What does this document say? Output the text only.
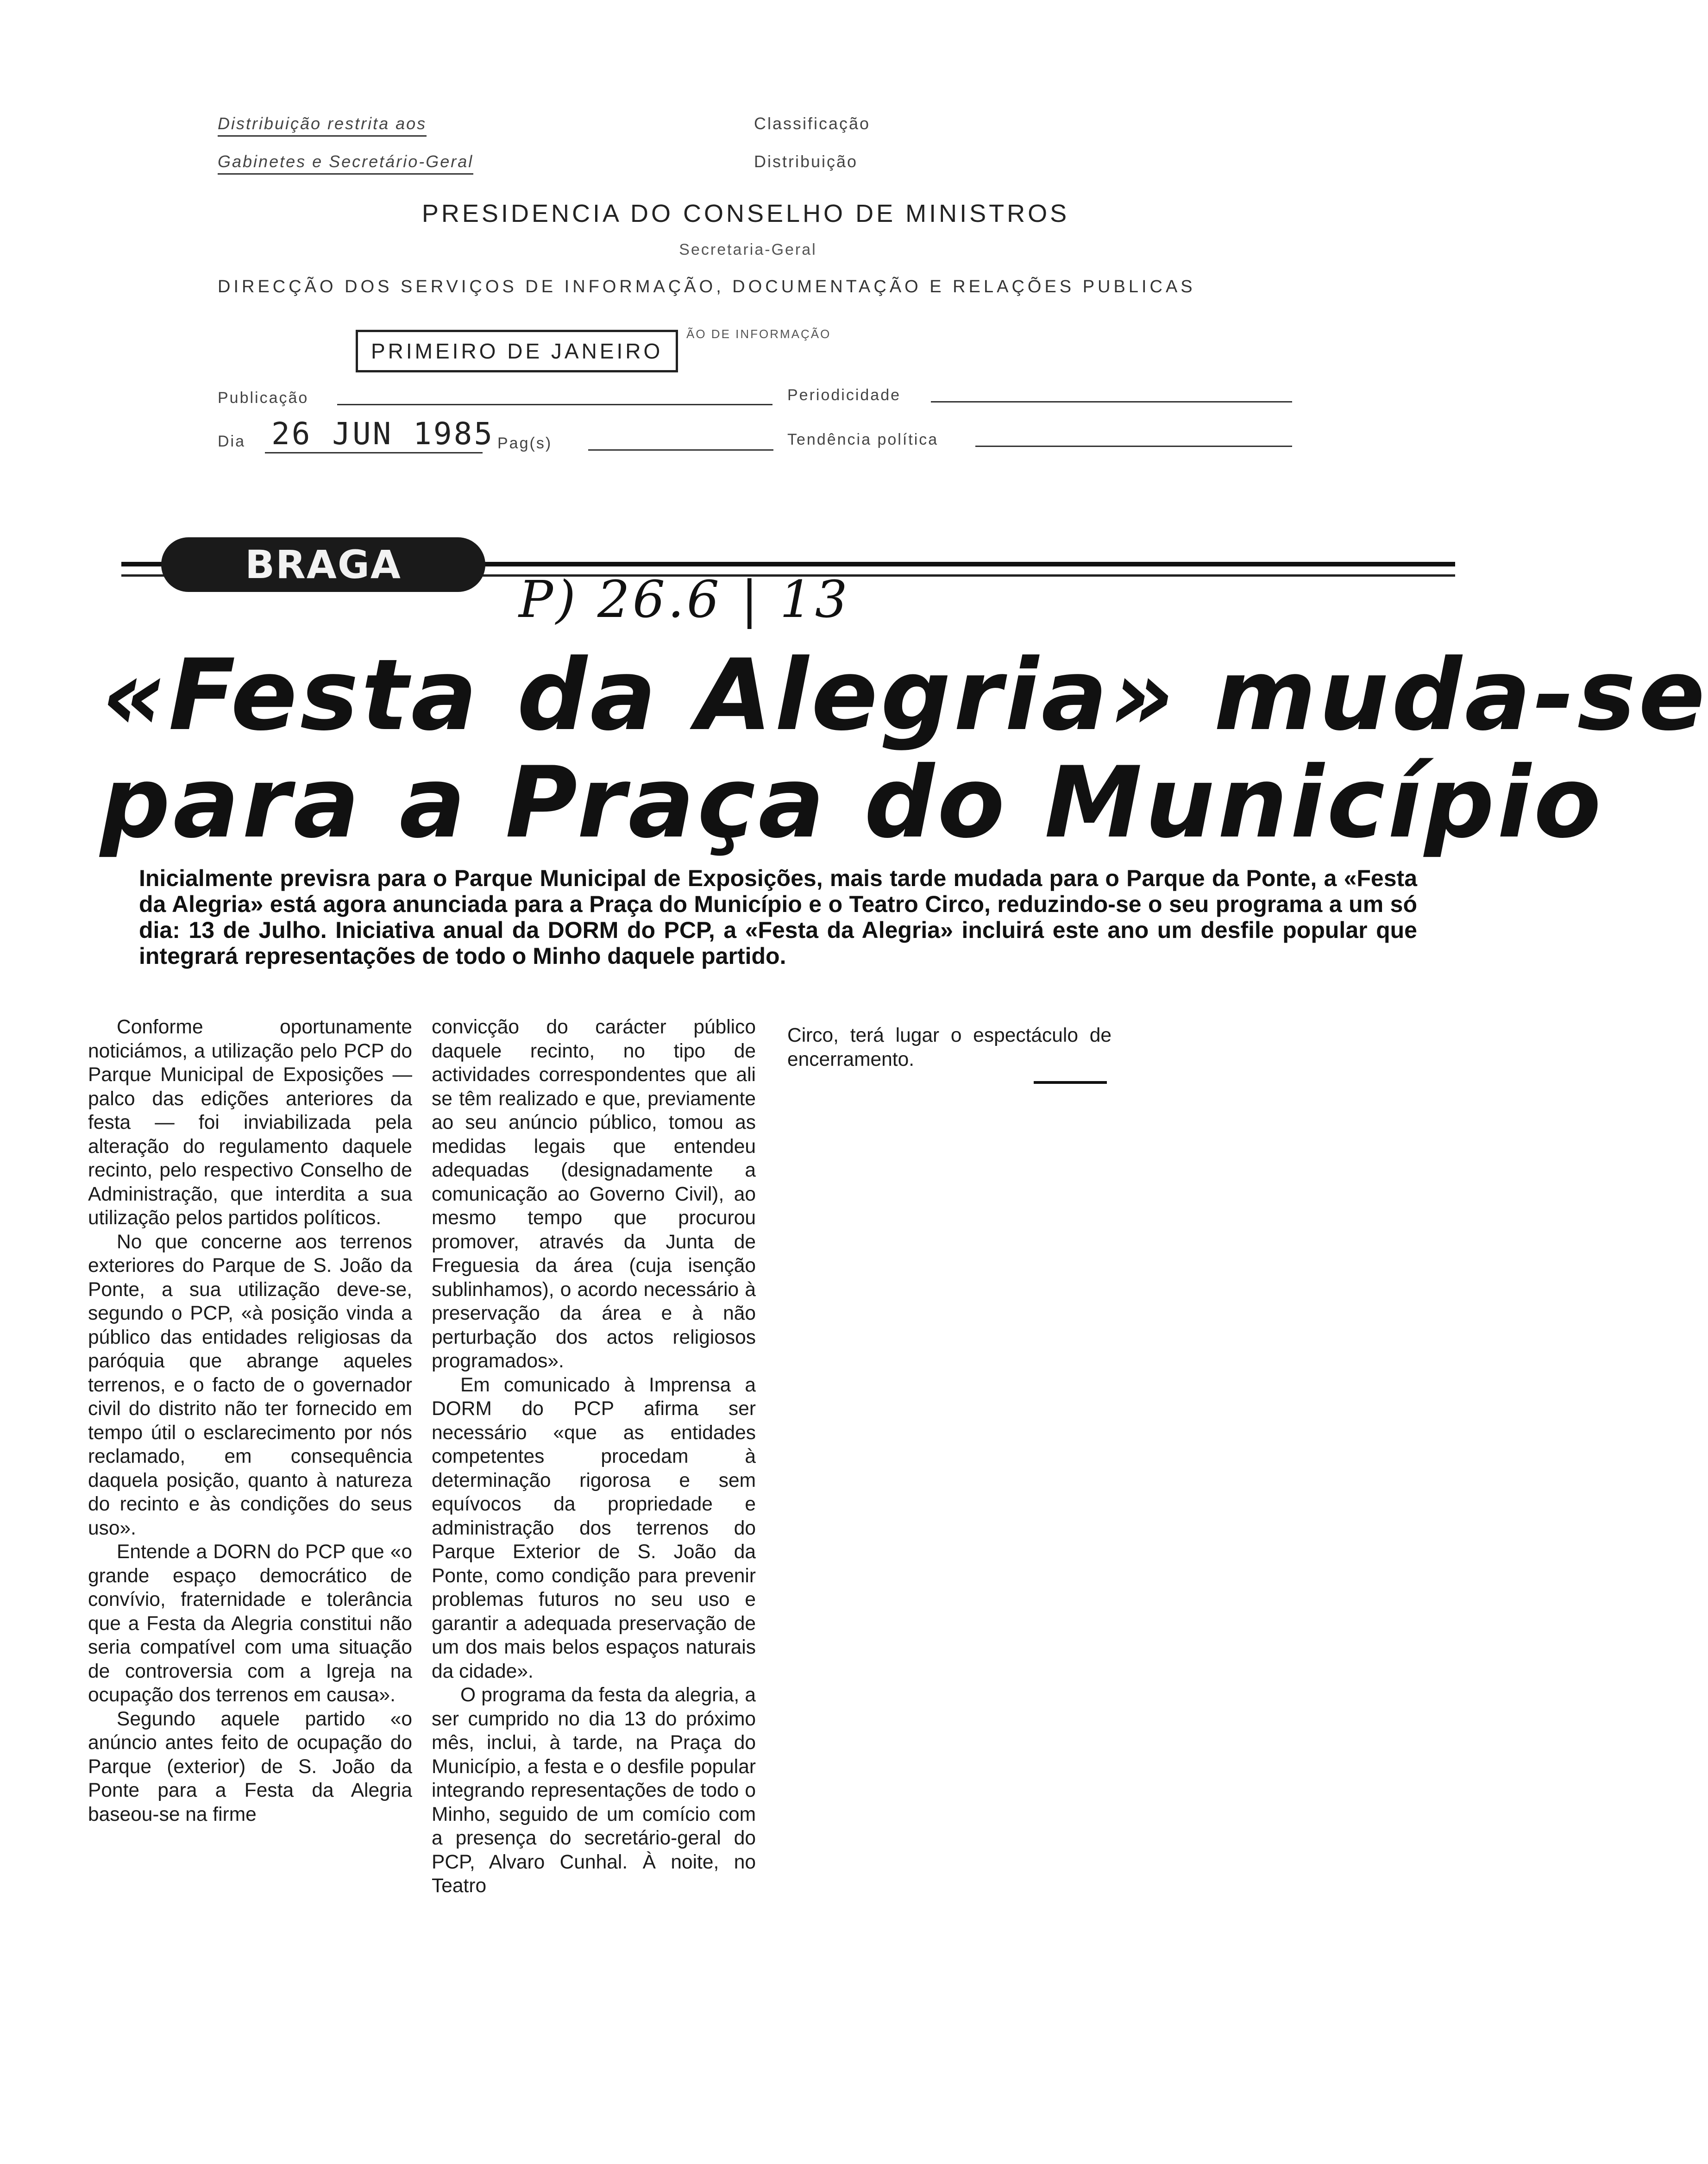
Distribuição restrita aos
Gabinetes e Secretário-Geral
Classificação
Distribuição
PRESIDENCIA DO CONSELHO DE MINISTROS
Secretaria-Geral
DIRECÇÃO DOS SERVIÇOS DE INFORMAÇÃO, DOCUMENTAÇÃO E RELAÇÕES PUBLICAS
PRIMEIRO DE JANEIRO
ÃO DE INFORMAÇÃO
Publicação	Periodicidade
Dia 26 JUN 1985 Pag(s)	Tendência política
BRAGA
P) 26.6 | 13
«Festa da Alegria» muda-se
para a Praça do Município
Inicialmente previsra para o Parque Municipal de Exposições, mais tarde mudada para o Parque da Ponte, a «Festa da Alegria» está agora anunciada para a Praça do Município e o Teatro Circo, reduzindo-se o seu programa a um só dia: 13 de Julho. Iniciativa anual da DORM do PCP, a «Festa da Alegria» incluirá este ano um desfile popular que integrará representações de todo o Minho daquele partido.

Conforme oportunamente noticiámos, a utilização pelo PCP do Parque Municipal de Exposições — palco das edições anteriores da festa — foi inviabilizada pela alteração do regulamento daquele recinto, pelo respectivo Conselho de Administração, que interdita a sua utilização pelos partidos políticos.

No que concerne aos terrenos exteriores do Parque de S. João da Ponte, a sua utilização deve-se, segundo o PCP, «à posição vinda a público das entidades religiosas da paróquia que abrange aqueles terrenos, e o facto de o governador civil do distrito não ter fornecido em tempo útil o esclarecimento por nós reclamado, em consequência daquela posição, quanto à natureza do recinto e às condições do seus uso».

Entende a DORN do PCP que «o grande espaço democrático de convívio, fraternidade e tolerância que a Festa da Alegria constitui não seria compatível com uma situação de controversia com a Igreja na ocupação dos terrenos em causa».

Segundo aquele partido «o anúncio antes feito de ocupação do Parque (exterior) de S. João da Ponte para a Festa da Alegria baseou-se na firme

convicção do carácter público daquele recinto, no tipo de actividades correspondentes que ali se têm realizado e que, previamente ao seu anúncio público, tomou as medidas legais que entendeu adequadas (designadamente a comunicação ao Governo Civil), ao mesmo tempo que procurou promover, através da Junta de Freguesia da área (cuja isenção sublinhamos), o acordo necessário à preservação da área e à não perturbação dos actos religiosos programados».

Em comunicado à Imprensa a DORM do PCP afirma ser necessário «que as entidades competentes procedam à determinação rigorosa e sem equívocos da propriedade e administração dos terrenos do Parque Exterior de S. João da Ponte, como condição para prevenir problemas futuros no seu uso e garantir a adequada preservação de um dos mais belos espaços naturais da cidade».

O programa da festa da alegria, a ser cumprido no dia 13 do próximo mês, inclui, à tarde, na Praça do Município, a festa e o desfile popular integrando representações de todo o Minho, seguido de um comício com a presença do secretário-geral do PCP, Alvaro Cunhal. À noite, no Teatro

Circo, terá lugar o espectáculo de encerramento.
